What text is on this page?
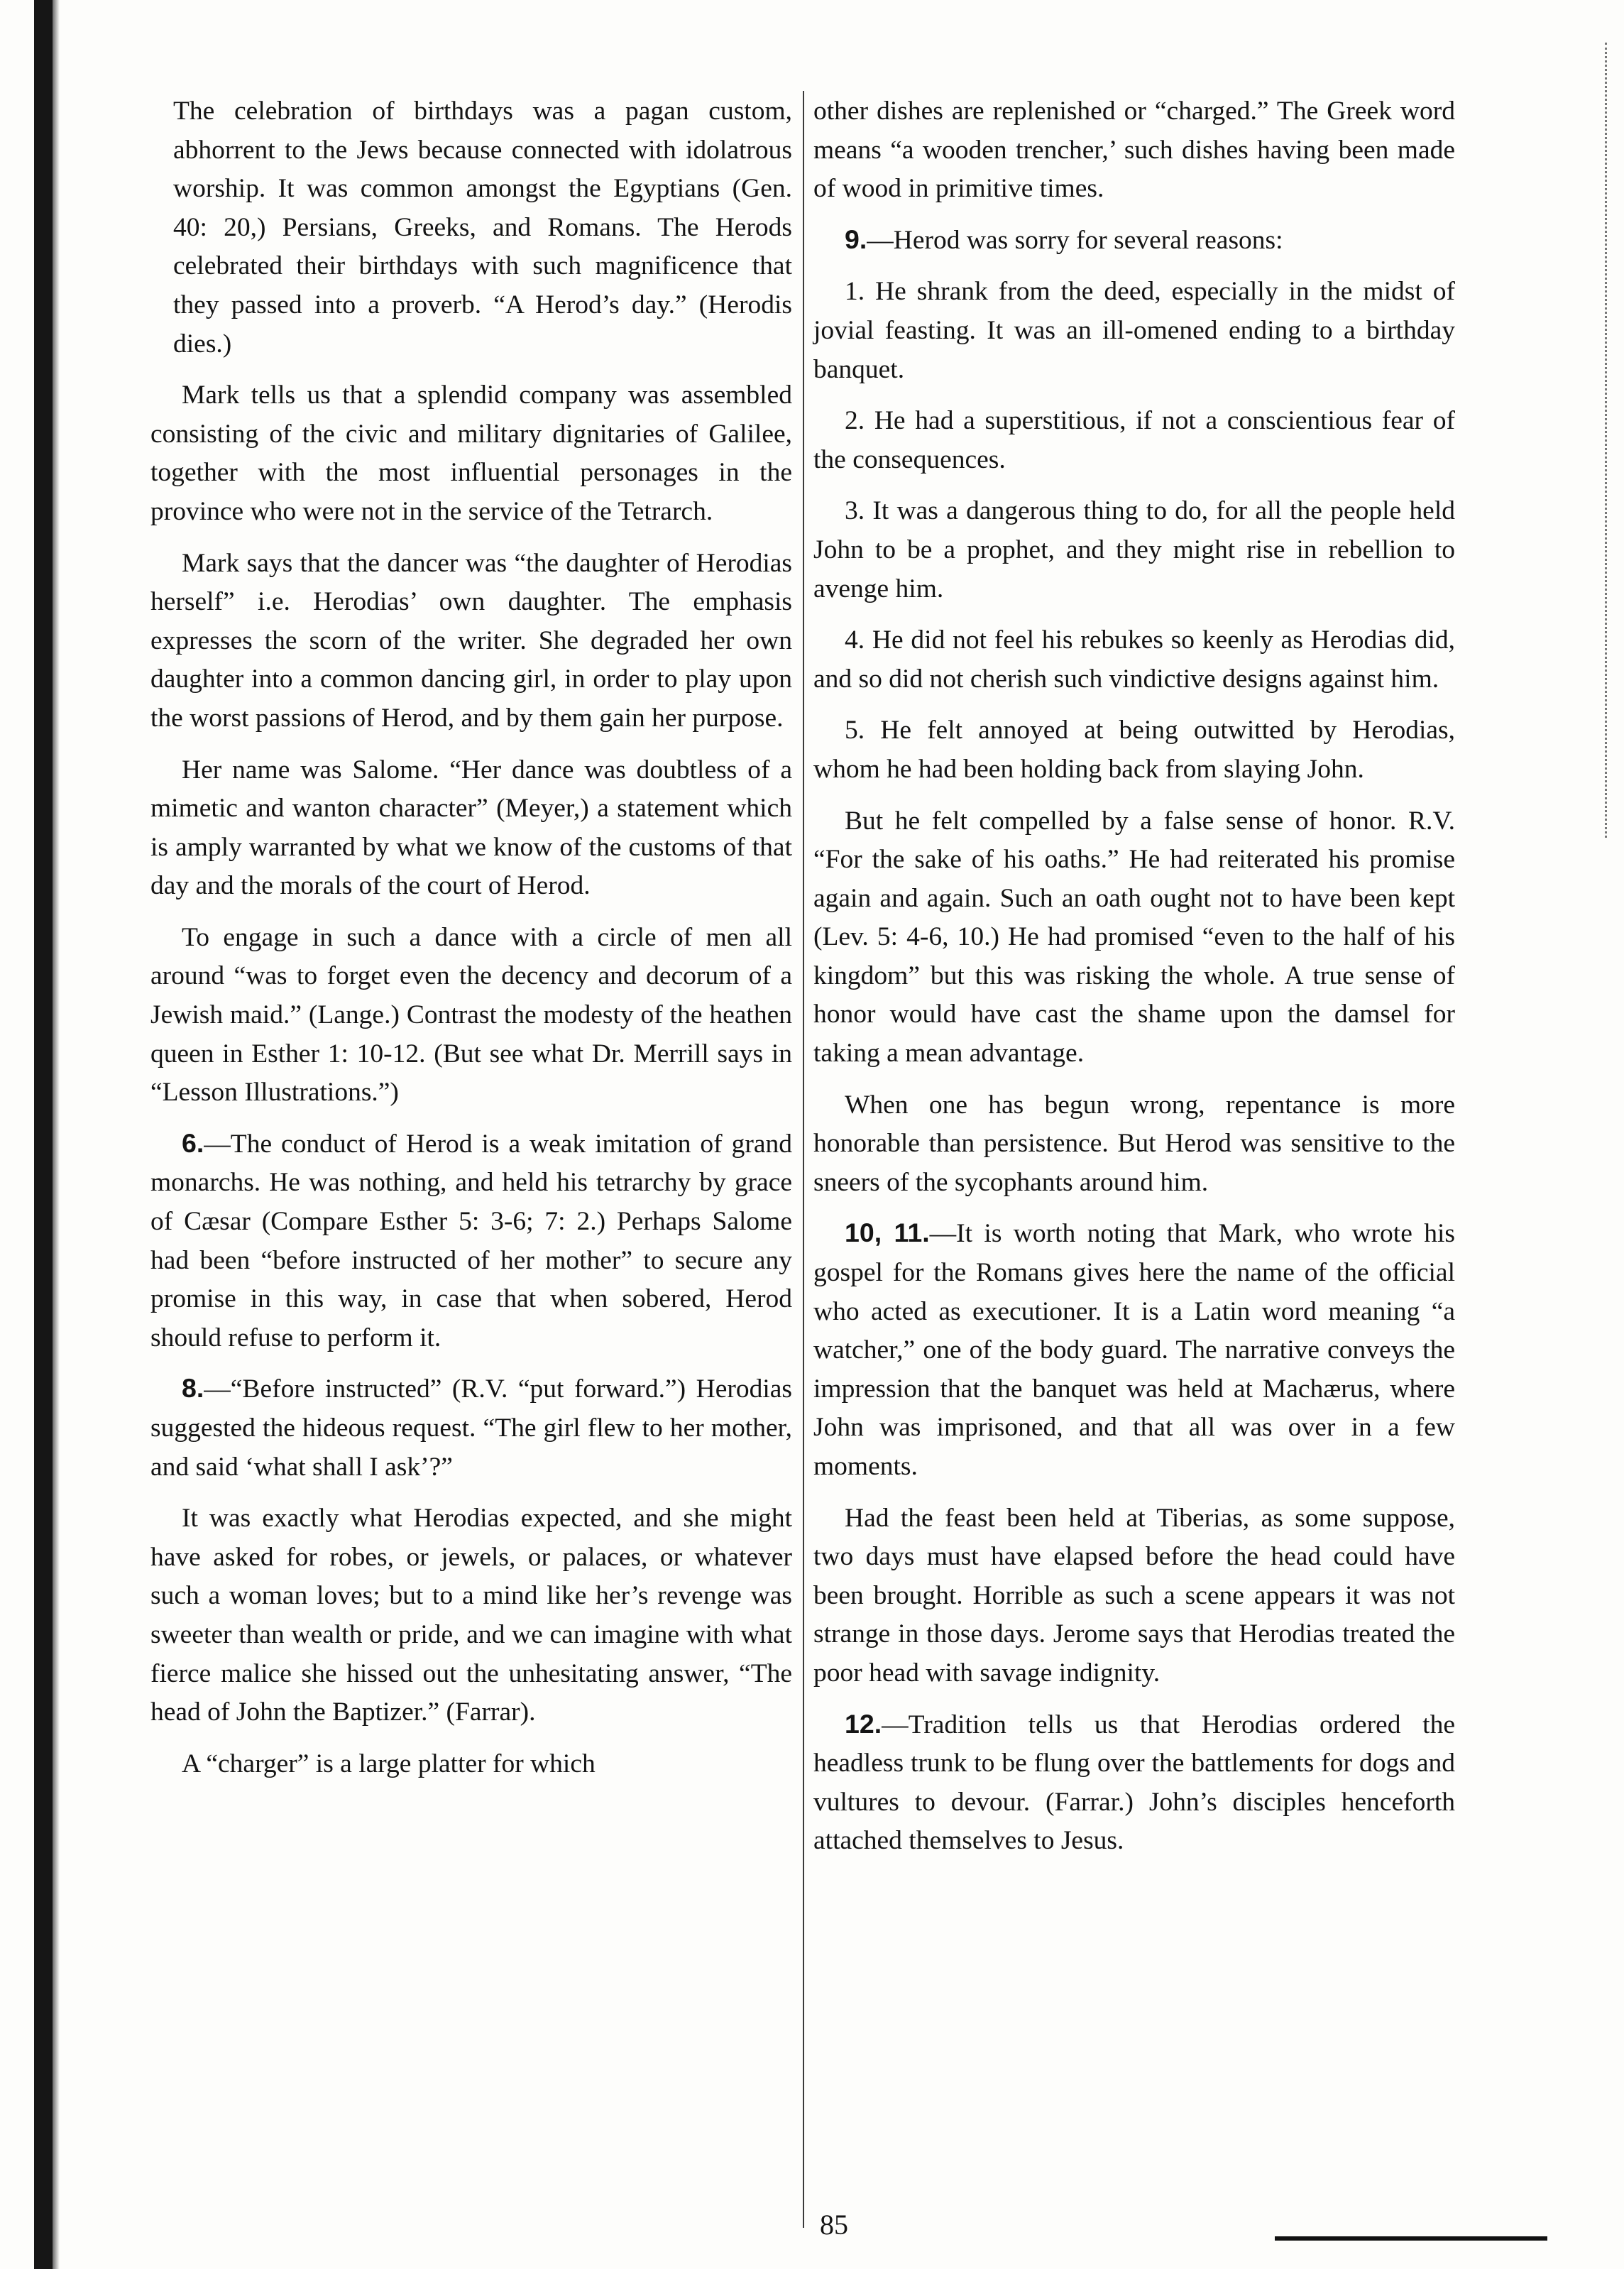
The celebration of birthdays was a pagan custom, abhorrent to the Jews because connected with idolatrous worship. It was common amongst the Egyptians (Gen. 40: 20,) Persians, Greeks, and Romans. The Herods celebrated their birthdays with such magnificence that they passed into a proverb. “A Herod’s day.” (Herodis dies.)

Mark tells us that a splendid company was assembled consisting of the civic and military dignitaries of Galilee, together with the most influential personages in the province who were not in the service of the Tetrarch.

Mark says that the dancer was “the daughter of Herodias herself” i.e. Herodias’ own daughter. The emphasis expresses the scorn of the writer. She degraded her own daughter into a common dancing girl, in order to play upon the worst passions of Herod, and by them gain her purpose.

Her name was Salome. “Her dance was doubtless of a mimetic and wanton character” (Meyer,) a statement which is amply warranted by what we know of the customs of that day and the morals of the court of Herod.

To engage in such a dance with a circle of men all around “was to forget even the decency and decorum of a Jewish maid.” (Lange.) Contrast the modesty of the heathen queen in Esther 1: 10-12. (But see what Dr. Merrill says in “Lesson Illustrations.”)

6.—The conduct of Herod is a weak imitation of grand monarchs. He was nothing, and held his tetrarchy by grace of Cæsar (Compare Esther 5: 3-6; 7: 2.) Perhaps Salome had been “before instructed of her mother” to secure any promise in this way, in case that when sobered, Herod should refuse to perform it.

8.—“Before instructed” (R.V. “put forward.”) Herodias suggested the hideous request. “The girl flew to her mother, and said ‘what shall I ask’?”

It was exactly what Herodias expected, and she might have asked for robes, or jewels, or palaces, or whatever such a woman loves; but to a mind like her’s revenge was sweeter than wealth or pride, and we can imagine with what fierce malice she hissed out the unhesitating answer, “The head of John the Baptizer.” (Farrar).

A “charger” is a large platter for which

other dishes are replenished or “charged.” The Greek word means “a wooden trencher,’ such dishes having been made of wood in primitive times.

9.—Herod was sorry for several reasons:

1. He shrank from the deed, especially in the midst of jovial feasting. It was an ill-omened ending to a birthday banquet.

2. He had a superstitious, if not a conscientious fear of the consequences.

3. It was a dangerous thing to do, for all the people held John to be a prophet, and they might rise in rebellion to avenge him.

4. He did not feel his rebukes so keenly as Herodias did, and so did not cherish such vindictive designs against him.

5. He felt annoyed at being outwitted by Herodias, whom he had been holding back from slaying John.

But he felt compelled by a false sense of honor. R.V. “For the sake of his oaths.” He had reiterated his promise again and again. Such an oath ought not to have been kept (Lev. 5: 4-6, 10.) He had promised “even to the half of his kingdom” but this was risking the whole. A true sense of honor would have cast the shame upon the damsel for taking a mean advantage.

When one has begun wrong, repentance is more honorable than persistence. But Herod was sensitive to the sneers of the sycophants around him.

10, 11.—It is worth noting that Mark, who wrote his gospel for the Romans gives here the name of the official who acted as executioner. It is a Latin word meaning “a watcher,” one of the body guard. The narrative conveys the impression that the banquet was held at Machærus, where John was imprisoned, and that all was over in a few moments.

Had the feast been held at Tiberias, as some suppose, two days must have elapsed before the head could have been brought. Horrible as such a scene appears it was not strange in those days. Jerome says that Herodias treated the poor head with savage indignity.

12.—Tradition tells us that Herodias ordered the headless trunk to be flung over the battlements for dogs and vultures to devour. (Farrar.) John’s disciples henceforth attached themselves to Jesus.

85
